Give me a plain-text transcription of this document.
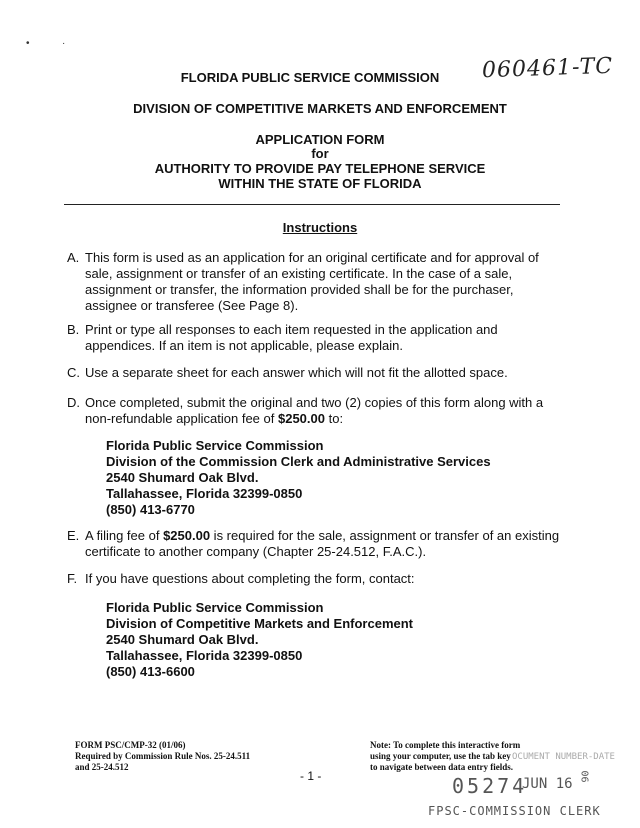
•	·
060461-TC
FLORIDA PUBLIC SERVICE COMMISSION
DIVISION OF COMPETITIVE MARKETS AND ENFORCEMENT
APPLICATION FORM
for
AUTHORITY TO PROVIDE PAY TELEPHONE SERVICE
WITHIN THE STATE OF FLORIDA
Instructions
A. This form is used as an application for an original certificate and for approval of sale, assignment or transfer of an existing certificate. In the case of a sale, assignment or transfer, the information provided shall be for the purchaser, assignee or transferee (See Page 8).
B. Print or type all responses to each item requested in the application and appendices. If an item is not applicable, please explain.
C. Use a separate sheet for each answer which will not fit the allotted space.
D. Once completed, submit the original and two (2) copies of this form along with a non-refundable application fee of $250.00 to:
Florida Public Service Commission
Division of the Commission Clerk and Administrative Services
2540 Shumard Oak Blvd.
Tallahassee, Florida 32399-0850
(850) 413-6770
E. A filing fee of $250.00 is required for the sale, assignment or transfer of an existing certificate to another company (Chapter 25-24.512, F.A.C.).
F. If you have questions about completing the form, contact:
Florida Public Service Commission
Division of Competitive Markets and Enforcement
2540 Shumard Oak Blvd.
Tallahassee, Florida 32399-0850
(850) 413-6600
FORM PSC/CMP-32 (01/06)
Required by Commission Rule Nos. 25-24.511
and 25-24.512
- 1 -
Note: To complete this interactive form
using your computer, use the tab key
to navigate between data entry fields.
OCUMENT NUMBER-DATE
05274
JUN 16 06
FPSC-COMMISSION CLERK
